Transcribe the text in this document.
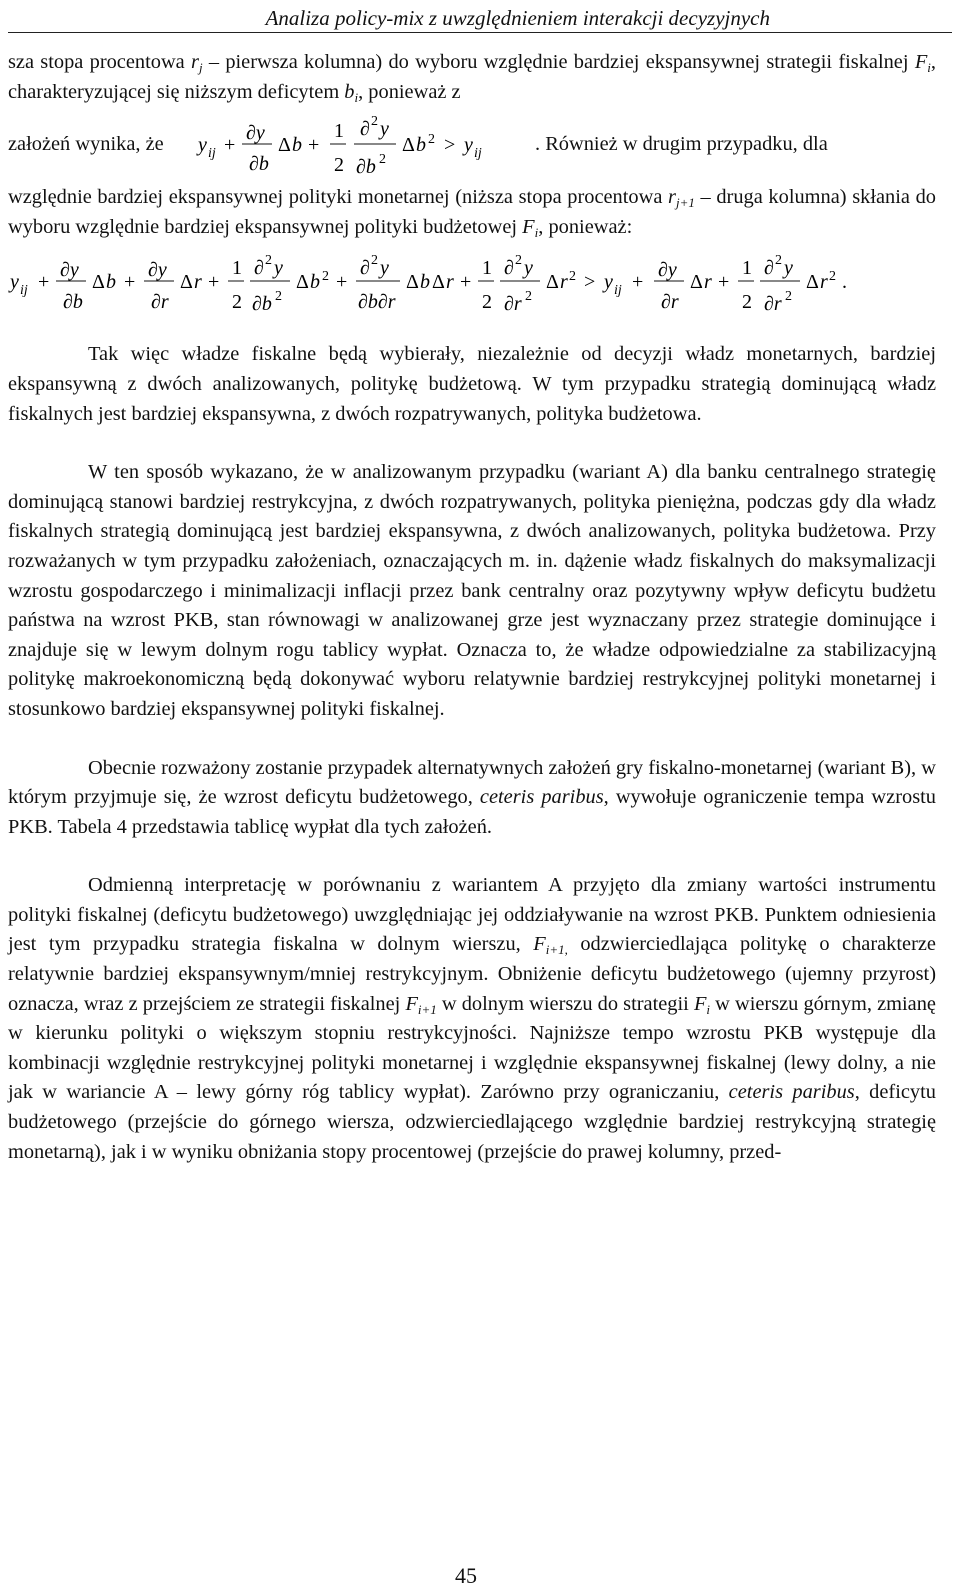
Analiza policy-mix z uwzględnieniem interakcji decyzyjnych

sza stopa procentowa $r_j$ – pierwsza kolumna) do wyboru względnie bardziej ekspansywnej strategii fiskalnej $F_i$, charakteryzującej się niższym deficytem $b_i$, ponieważ z

założeń wynika, że y ij +
∂y
∂b
Δ b +
1
2
∂ 2 y
∂b 2
Δ b 2 > y ij	. Również w drugim przypadku, dla

względnie bardziej ekspansywnej polityki monetarnej (niższa stopa procentowa $r_{j+1}$ – druga kolumna) skłania do wyboru względnie bardziej ekspansywnej polityki budżetowej $F_i$, ponieważ:

y ij +
∂y
∂b
Δ b +
∂y
∂r
Δ r +
1
2
∂ 2 y
∂b 2
Δ b 2 +
∂ 2 y
∂b∂r
Δ b Δ r +
1
2
∂ 2 y
∂r 2
Δ r 2 > y ij +
∂y
∂r
Δ r +
1
2
∂ 2 y
∂r 2
Δ r 2 .

Tak więc władze fiskalne będą wybierały, niezależnie od decyzji władz monetarnych, bardziej ekspansywną z dwóch analizowanych, politykę budżetową. W tym przypadku strategią dominującą władz fiskalnych jest bardziej ekspansywna, z dwóch rozpatrywanych, polityka budżetowa.

W ten sposób wykazano, że w analizowanym przypadku (wariant A) dla banku centralnego strategię dominującą stanowi bardziej restrykcyjna, z dwóch rozpatrywanych, polityka pieniężna, podczas gdy dla władz fiskalnych strategią dominującą jest bardziej ekspansywna, z dwóch analizowanych, polityka budżetowa. Przy rozważanych w tym przypadku założeniach, oznaczających m. in. dążenie władz fiskalnych do maksymalizacji wzrostu gospodarczego i minimalizacji inflacji przez bank centralny oraz pozytywny wpływ deficytu budżetu państwa na wzrost PKB, stan równowagi w analizowanej grze jest wyznaczany przez strategie dominujące i znajduje się w lewym dolnym rogu tablicy wypłat. Oznacza to, że władze odpowiedzialne za stabilizacyjną politykę makroekonomiczną będą dokonywać wyboru relatywnie bardziej restrykcyjnej polityki monetarnej i stosunkowo bardziej ekspansywnej polityki fiskalnej.

Obecnie rozważony zostanie przypadek alternatywnych założeń gry fiskalno-monetarnej (wariant B), w którym przyjmuje się, że wzrost deficytu budżetowego, ceteris paribus, wywołuje ograniczenie tempa wzrostu PKB. Tabela 4 przedstawia tablicę wypłat dla tych założeń.

Odmienną interpretację w porównaniu z wariantem A przyjęto dla zmiany wartości instrumentu polityki fiskalnej (deficytu budżetowego) uwzględniając jej oddziaływanie na wzrost PKB. Punktem odniesienia jest tym przypadku strategia fiskalna w dolnym wierszu, $F_{i+1,}$ odzwierciedlająca politykę o charakterze relatywnie bardziej ekspansywnym/mniej restrykcyjnym. Obniżenie deficytu budżetowego (ujemny przyrost) oznacza, wraz z przejściem ze strategii fiskalnej $F_{i+1}$ w dolnym wierszu do strategii $F_i$ w wierszu górnym, zmianę w kierunku polityki o większym stopniu restrykcyjności. Najniższe tempo wzrostu PKB występuje dla kombinacji względnie restrykcyjnej polityki monetarnej i względnie ekspansywnej fiskalnej (lewy dolny, a nie jak w wariancie A – lewy górny róg tablicy wypłat). Zarówno przy ograniczaniu, ceteris paribus, deficytu budżetowego (przejście do górnego wiersza, odzwierciedlającego względnie bardziej restrykcyjną strategię monetarną), jak i w wyniku obniżania stopy procentowej (przejście do prawej kolumny, przed-

45
